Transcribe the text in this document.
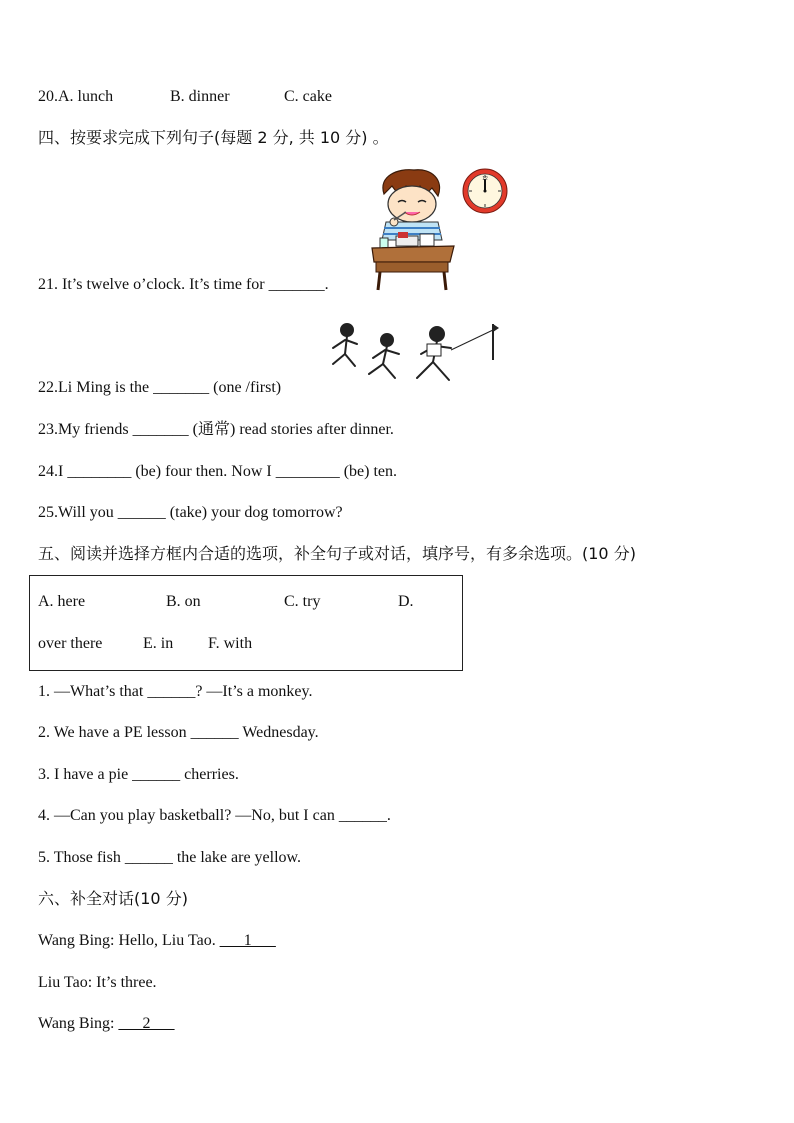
20.A. lunch	B. dinner	C. cake
四、按要求完成下列句子(每题 2 分, 共 10 分) 。
12
21. It’s twelve o’clock. It’s time for _______.
22.Li Ming is the _______ (one /first)
23.My friends _______ (通常) read stories after dinner.
24.I ________ (be) four then. Now I ________ (be) ten.
25.Will you ______ (take) your dog tomorrow?
五、阅读并选择方框内合适的选项，补全句子或对话，填序号，有多余选项。(10 分)
A. here	B. on	C. try	D.
over there	E. in F. with
1. —What’s that ______? —It’s a monkey.
2. We have a PE lesson ______ Wednesday.
3. I have a pie ______ cherries.
4. —Can you play basketball? —No, but I can ______.
5. Those fish ______ the lake are yellow.
六、补全对话(10 分)
Wang Bing: Hello, Liu Tao. ___1___
Liu Tao: It’s three.
Wang Bing: ___2___
